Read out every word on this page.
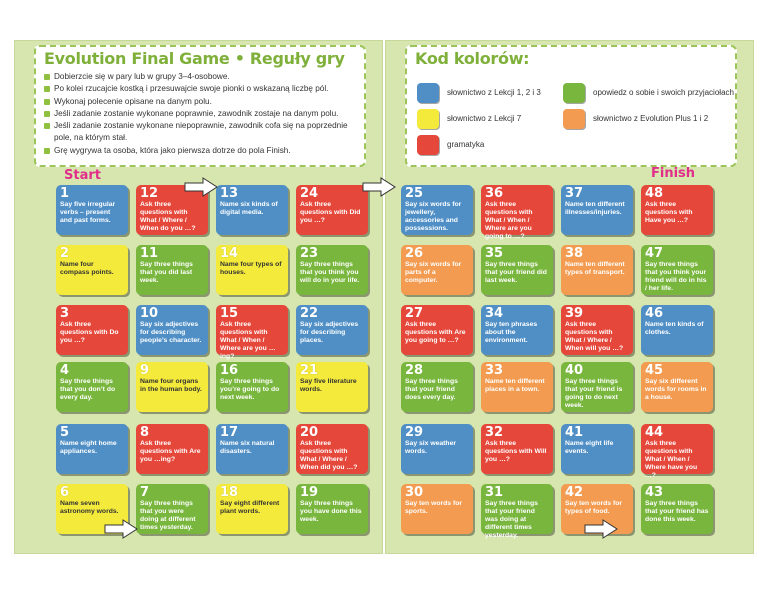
Evolution Final Game • Reguły gry
Dobierzcie się w pary lub w grupy 3–4-osobowe.
Po kolei rzucajcie kostką i przesuwajcie swoje pionki o wskazaną liczbę pól.
Wykonaj polecenie opisane na danym polu.
Jeśli zadanie zostanie wykonane poprawnie, zawodnik zostaje na danym polu.
Jeśli zadanie zostanie wykonane niepoprawnie, zawodnik cofa się na poprzednie pole, na którym stał.
Grę wygrywa ta osoba, która jako pierwsza dotrze do pola Finish.
Start
Kod kolorów:
słownictwo z Lekcji 1, 2 i 3	opowiedz o sobie i swoich przyjaciołach
słownictwo z Lekcji 7	słownictwo z Evolution Plus 1 i 2
gramatyka
Finish
1
Say five irregular verbs – present and past forms.
2
Name four compass points.
3
Ask three questions with Do you …?
4
Say three things that you don’t do every day.
5
Name eight home appliances.
6
Name seven astronomy words.
7
Say three things that you were doing at different times yesterday.
8
Ask three questions with Are you …ing?
9
Name four organs in the human body.
10
Say six adjectives for describing people’s character.
11
Say three things that you did last week.
12
Ask three questions with What / Where / When do you …?
13
Name six kinds of digital media.
14
Name four types of houses.
15
Ask three questions with What / When / Where are you …ing?
16
Say three things you’re going to do next week.
17
Name six natural disasters.
18
Say eight different plant words.
19
Say three things you have done this week.
20
Ask three questions with What / Where / When did you …?
21
Say five literature words.
22
Say six adjectives for describing places.
23
Say three things that you think you will do in your life.
24
Ask three questions with Did you …?
25
Say six words for jewellery, accessories and possessions.
26
Say six words for parts of a computer.
27
Ask three questions with Are you going to …?
28
Say three things that your friend does every day.
29
Say six weather words.
30
Say ten words for sports.
31
Say three things that your friend was doing at different times yesterday.
32
Ask three questions with Will you …?
33
Name ten different places in a town.
34
Say ten phrases about the environment.
35
Say three things that your friend did last week.
36
Ask three questions with What / When / Where are you going to …?
37
Name ten different illnesses/injuries.
38
Name ten different types of transport.
39
Ask three questions with What / Where / When will you …?
40
Say three things that your friend is going to do next week.
41
Name eight life events.
42
Say ten words for types of food.
43
Say three things that your friend has done this week.
44
Ask three questions with What / When / Where have you …?
45
Say six different words for rooms in a house.
46
Name ten kinds of clothes.
47
Say three things that you think your friend will do in his / her life.
48
Ask three questions with Have you …?
